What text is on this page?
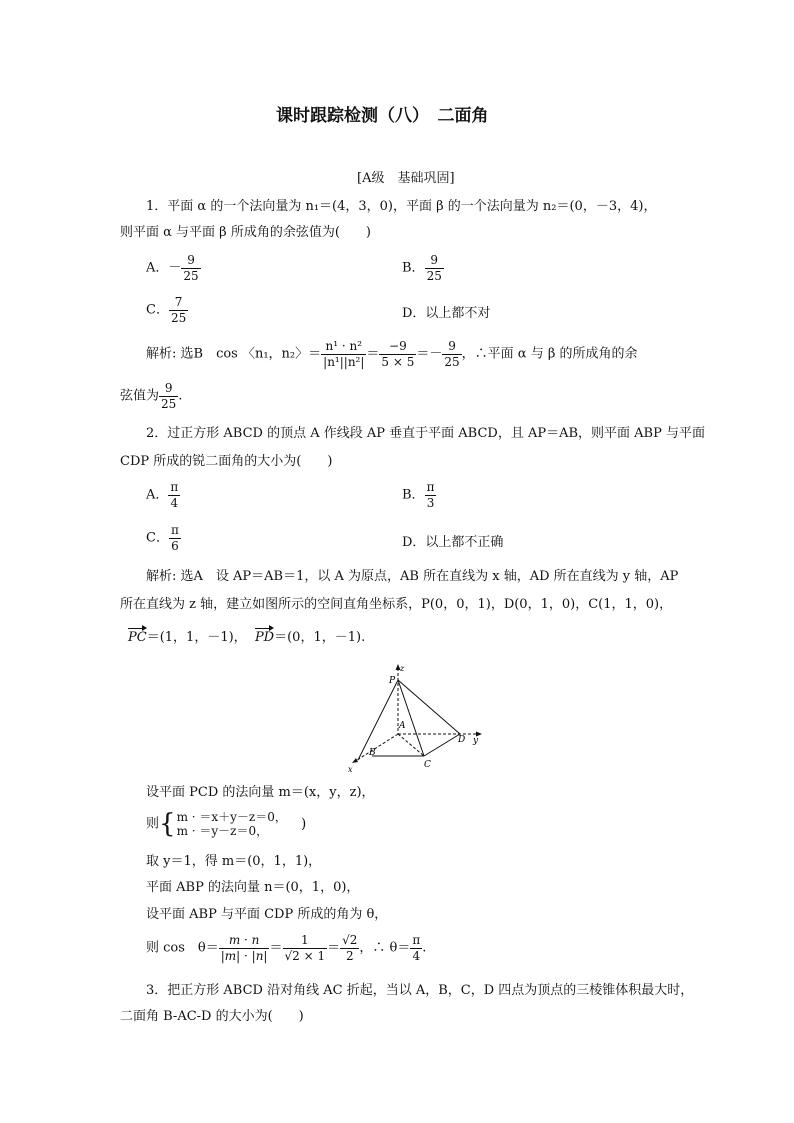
课时跟踪检测（八）　二面角
[A级　基础巩固]
1．平面 α 的一个法向量为 n₁＝(4，3，0)，平面 β 的一个法向量为 n₂＝(0，－3，4)，
则平面 α 与平面 β 所成角的余弦值为(　　)
A．－ $\frac{9}{25}$	B． $\frac{9}{25}$
C． $\frac{7}{25}$	D．以上都不对
解析: 选B　cos 〈n₁，n₂〉＝ $\frac{\text{n¹ · n²}}{\text{|n¹||n²|}} = \frac{-9}{5 \times 5} =- \frac{9}{25}$ ，∴平面 α 与 β 的所成角的余
弦值为 $\frac{9}{25}$ .
2．过正方形 ABCD 的顶点 A 作线段 AP 垂直于平面 ABCD，且 AP＝AB，则平面 ABP 与平面
CDP 所成的锐二面角的大小为(　　)
A． $\frac{\pi}{4}$	B． $\frac{\pi}{3}$
C． $\frac{\pi}{6}$	D．以上都不正确
解析: 选A　设 AP＝AB＝1，以 A 为原点，AB 所在直线为 x 轴，AD 所在直线为 y 轴，AP
所在直线为 z 轴，建立如图所示的空间直角坐标系，P(0，0，1)，D(0，1，0)，C(1，1，0)，
PC＝(1，1，－1)， PD＝(0，1，－1).
z
P
A
D y
B
C
x
设平面 PCD 的法向量 m＝(x，y，z)，
则{ m · ＝x＋y－z＝0，
m · ＝y－z＝0，	)
取 y＝1，得 m＝(0，1，1)，
平面 ABP 的法向量 n＝(0，1，0)，
设平面 ABP 与平面 CDP 所成的角为 θ，
则 cos　$\theta= \frac{m \cdot n}{|m| \cdot |n|} = \frac{1}{√2 \times 1} = \frac{√2}{2}$ ，∴ $\theta= \frac{\pi}{4}$ .
3．把正方形 ABCD 沿对角线 AC 折起，当以 A，B，C，D 四点为顶点的三棱锥体积最大时，
二面角 B-AC-D 的大小为(　　)
